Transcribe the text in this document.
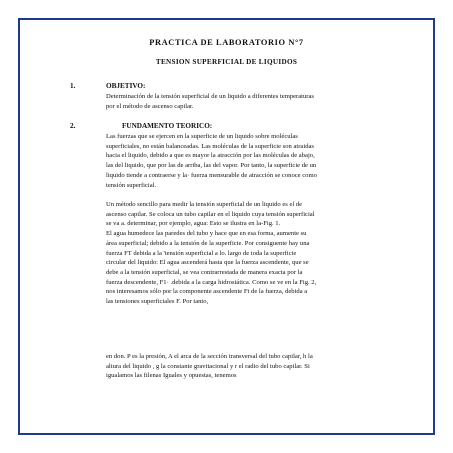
PRACTICA DE LABORATORIO N°7
TENSION SUPERFICIAL DE LIQUIDOS
1.	OBJETIVO:
Determinación de la tensión superficial de un liquido a diferentes temperaturas
por el método de ascenso capilar.
2.	FUNDAMENTO TEORICO:
Las fuerzas que se ejercen en la superficie de un liquido sobre moléculas
superficiales, no están balanceadas. Las moléculas de la superficie son atraidas
hacia el liquido, debido a que es mayor la atracción por las moléculas de abajo,
las del liquido, que por las de arriba, las del vapor. Por tanto, la superficie de un
liquido tiende a contraerse y la· fuerza mensurable de atracción se conoce como
tensión superficial.
Un método sencillo para medir la tensión superficial de un liquido es el de
ascenso capilar. Se coloca un tubo capilar en el liquido cuya tensión superficial
se va a. determinar, por ejemplo, agua: Esto se ilustra en la-Fig. 1.
El agua humedece las paredes del tubo y hace que en esa forma, aumente su
área superficial; debido a la tensión de la superficie. Por consiguente hay una
fuerza FT debida a la 'tensión superficial a lo. largo de toda la superficie
circular del liquido: El agua ascenderá hasta que la fuerza ascendente, que se
debe a la tensión superficial, se vea contrarrestada de manera exacta por la
fuerza descendente, F1· .debida a la carga hidrostática. Como se ve en la Fig. 2,
nos interesamos sólo por la componente ascendente Ft de la fuerza, debida a
las tensiones superficiales F. Por tanto,
en don. P es la presión, A el arca de la sección transversal del tubo capilar, h la
altura del liquido , g la constante gravitacional y r el radio del tubo capilar. Si
igualamos las filenas Iguales y opuestas, tenemos
